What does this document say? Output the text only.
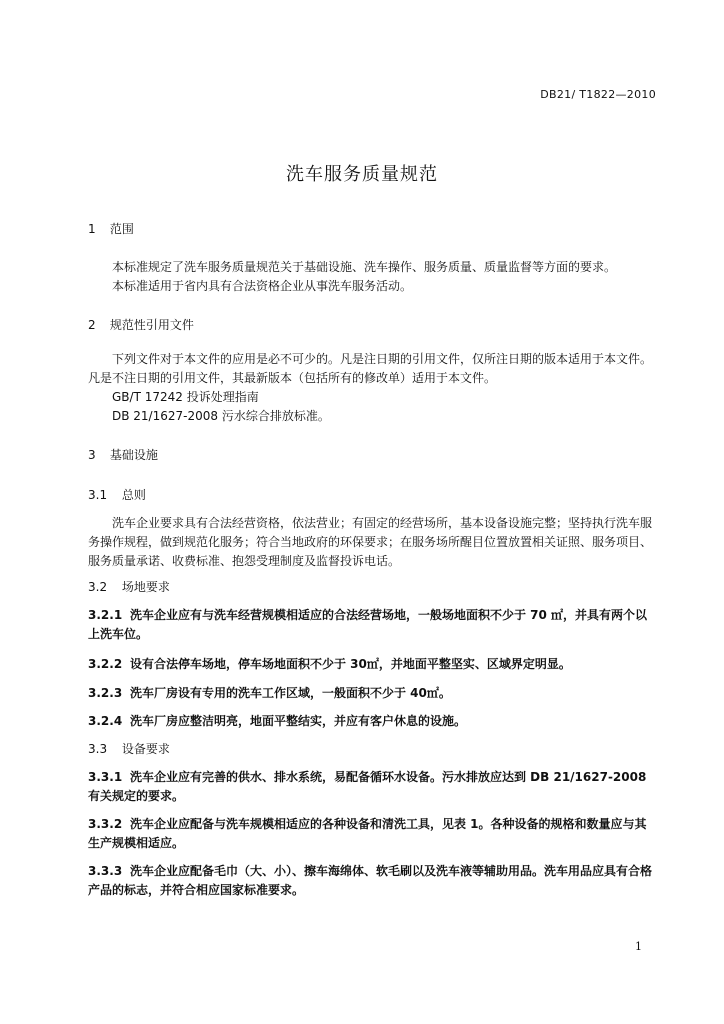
DB21/ T1822—2010
洗车服务质量规范
1 范围
本标准规定了洗车服务质量规范关于基础设施、洗车操作、服务质量、质量监督等方面的要求。
本标准适用于省内具有合法资格企业从事洗车服务活动。
2 规范性引用文件
下列文件对于本文件的应用是必不可少的。凡是注日期的引用文件，仅所注日期的版本适用于本文件。凡是不注日期的引用文件，其最新版本（包括所有的修改单）适用于本文件。
GB/T 17242 投诉处理指南
DB 21/1627-2008 污水综合排放标准。
3 基础设施
3.1 总则
洗车企业要求具有合法经营资格，依法营业；有固定的经营场所，基本设备设施完整；坚持执行洗车服务操作规程，做到规范化服务；符合当地政府的环保要求；在服务场所醒目位置放置相关证照、服务项目、服务质量承诺、收费标准、抱怨受理制度及监督投诉电话。
3.2 场地要求
3.2.1 洗车企业应有与洗车经营规模相适应的合法经营场地，一般场地面积不少于 70 ㎡，并具有两个以上洗车位。
3.2.2 设有合法停车场地，停车场地面积不少于 30㎡，并地面平整坚实、区域界定明显。
3.2.3 洗车厂房设有专用的洗车工作区域，一般面积不少于 40㎡。
3.2.4 洗车厂房应整洁明亮，地面平整结实，并应有客户休息的设施。
3.3 设备要求
3.3.1 洗车企业应有完善的供水、排水系统，易配备循环水设备。污水排放应达到 DB 21/1627-2008 有关规定的要求。
3.3.2 洗车企业应配备与洗车规模相适应的各种设备和清洗工具，见表 1。各种设备的规格和数量应与其生产规模相适应。
3.3.3 洗车企业应配备毛巾（大、小）、擦车海绵体、软毛刷以及洗车液等辅助用品。洗车用品应具有合格产品的标志，并符合相应国家标准要求。
1
